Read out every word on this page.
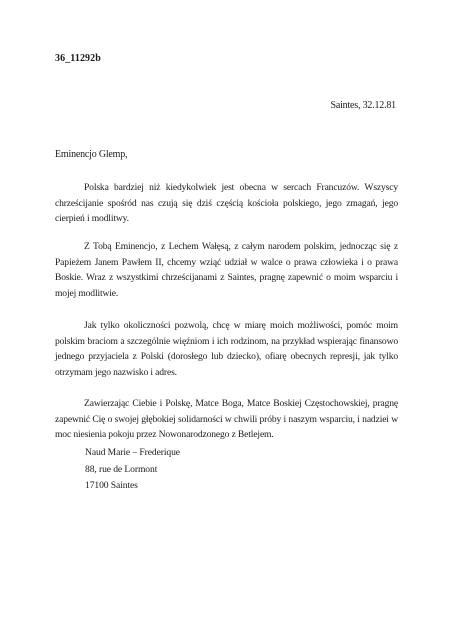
36_11292b
Saintes, 32.12.81
Eminencjo Glemp,

Polska bardziej niż kiedykolwiek jest obecna w sercach Francuzów. Wszyscy chrześcijanie spośród nas czują się dziś częścią kościoła polskiego, jego zmagań, jego cierpień i modlitwy.

Z Tobą Eminencjo, z Lechem Wałęsą, z całym narodem polskim, jednocząc się z Papieżem Janem Pawłem II, chcemy wziąć udział w walce o prawa człowieka i o prawa Boskie. Wraz z wszystkimi chrześcijanami z Saintes, pragnę zapewnić o moim wsparciu i mojej modlitwie.

Jak tylko okoliczności pozwolą, chcę w miarę moich możliwości, pomóc moim polskim braciom a szczególnie więźniom i ich rodzinom, na przykład wspierając finansowo jednego przyjaciela z Polski (dorosłego lub dziecko), ofiarę obecnych represji, jak tylko otrzymam jego nazwisko i adres.

Zawierzając Ciebie i Polskę, Matce Boga, Matce Boskiej Częstochowskiej, pragnę zapewnić Cię o swojej głębokiej solidarności w chwili próby i naszym wsparciu, i nadziei w moc niesienia pokoju przez Nowonarodzonego z Betlejem.

Naud Marie – Frederique
88, rue de Lormont
17100 Saintes
